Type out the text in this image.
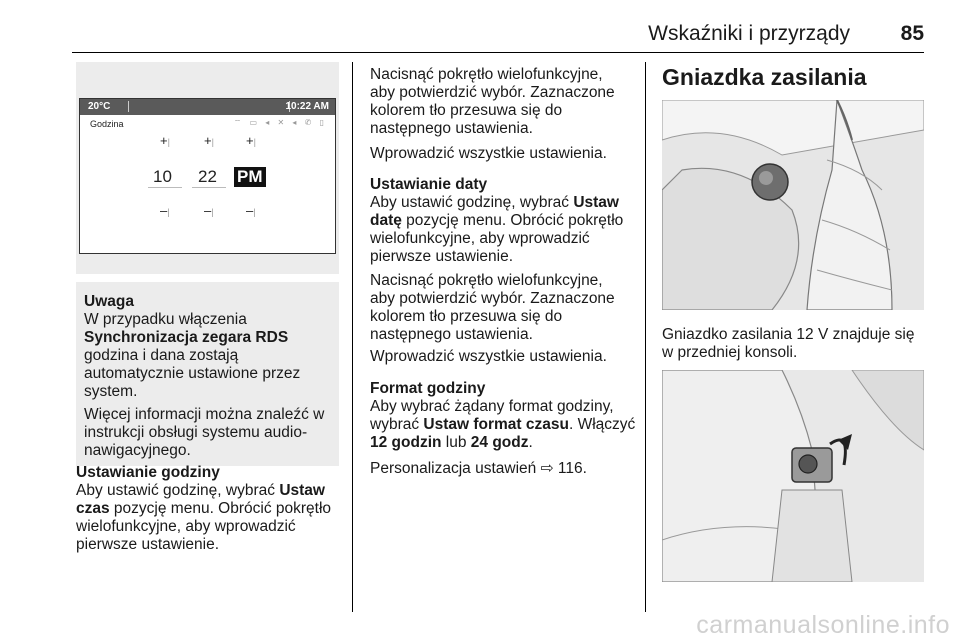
Wskaźniki i przyrządy 85
20°C	10:22 AM
Godzina	⌔ ▭ ◂ ✕ ◂ ✆ ▯
+|	+| +|
10 22 PM
–|	–| –|
Uwaga
W przypadku włączenia
Synchronizacja zegara RDS
godzina i dana zostają
automatycznie ustawione przez
system.
Więcej informacji można znaleźć w
instrukcji obsługi systemu audio-
nawigacyjnego.
Ustawianie godziny
Aby ustawić godzinę, wybrać Ustaw
czas pozycję menu. Obrócić pokrętło
wielofunkcyjne, aby wprowadzić
pierwsze ustawienie.
Nacisnąć pokrętło wielofunkcyjne,
aby potwierdzić wybór. Zaznaczone
kolorem tło przesuwa się do
następnego ustawienia.
Wprowadzić wszystkie ustawienia.
Ustawianie daty
Aby ustawić godzinę, wybrać Ustaw
datę pozycję menu. Obrócić pokrętło
wielofunkcyjne, aby wprowadzić
pierwsze ustawienie.
Nacisnąć pokrętło wielofunkcyjne,
aby potwierdzić wybór. Zaznaczone
kolorem tło przesuwa się do
następnego ustawienia.
Wprowadzić wszystkie ustawienia.
Format godziny
Aby wybrać żądany format godziny,
wybrać Ustaw format czasu. Włączyć
12 godzin lub 24 godz.
Personalizacja ustawień ⇨ 116.
Gniazdka zasilania
Gniazdko zasilania 12 V znajduje się
w przedniej konsoli.
carmanualsonline.info
